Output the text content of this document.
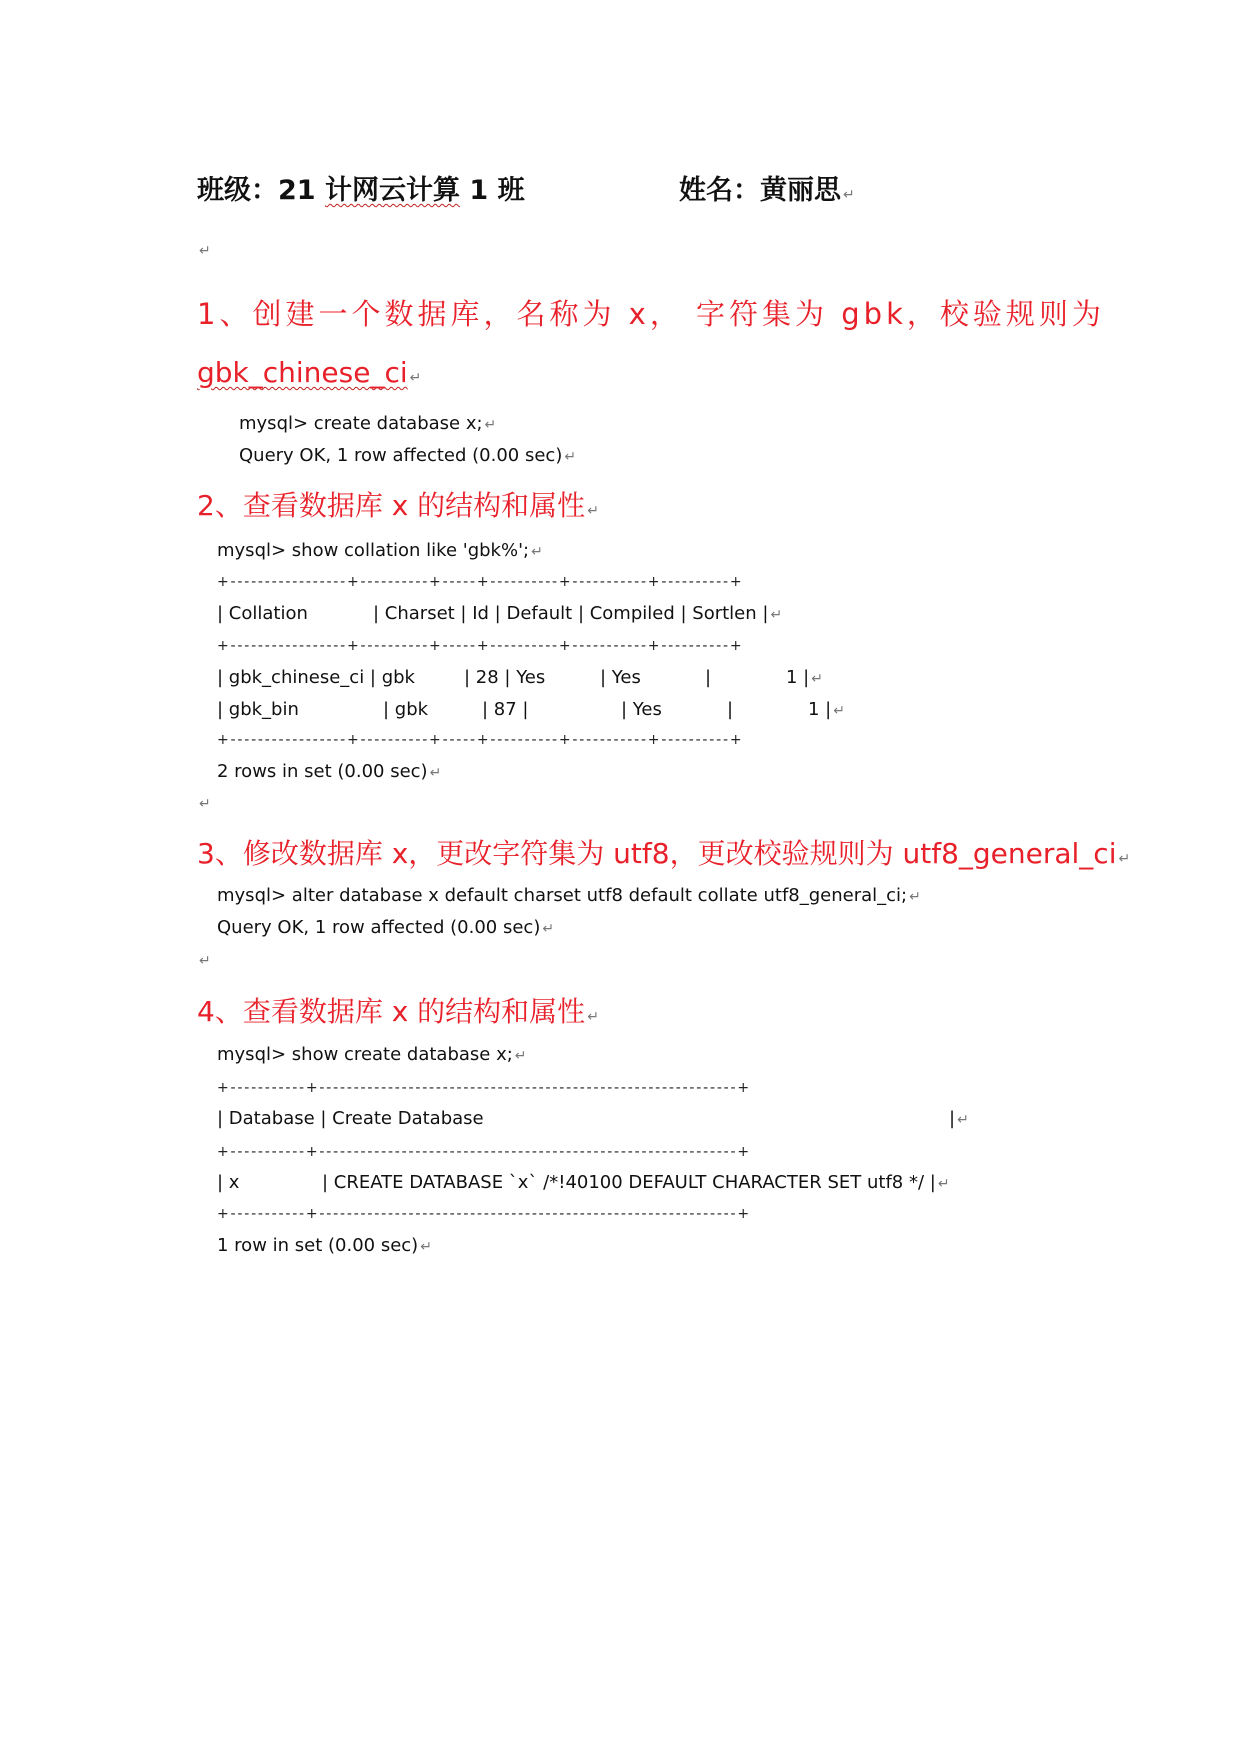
班级：21 计网云计算 1 班	姓名：黄丽思 ↵
↵
1、创建一个数据库，名称为 x， 字符集为 gbk，校验规则为
gbk_chinese_ci ↵
mysql> create database x; ↵
Query OK, 1 row affected (0.00 sec) ↵
2、查看数据库 x 的结构和属性 ↵
mysql> show collation like 'gbk%'; ↵
+-----------------+----------+-----+----------+-----------+----------+
| Collation	| Charset | Id | Default | Compiled | Sortlen | ↵
+-----------------+----------+-----+----------+-----------+----------+
| gbk_chinese_ci | gbk	| 28 | Yes	| Yes	|	1 | ↵
| gbk_bin	| gbk	| 87 |	| Yes	|	1 | ↵
+-----------------+----------+-----+----------+-----------+----------+
2 rows in set (0.00 sec) ↵
↵
3、修改数据库 x，更改字符集为 utf8，更改校验规则为 utf8_general_ci ↵
mysql> alter database x default charset utf8 default collate utf8_general_ci; ↵
Query OK, 1 row affected (0.00 sec) ↵
↵
4、查看数据库 x 的结构和属性 ↵
mysql> show create database x; ↵
+-----------+-------------------------------------------------------------+
| Database | Create Database	| ↵
+-----------+-------------------------------------------------------------+
| x	| CREATE DATABASE `x` /*!40100 DEFAULT CHARACTER SET utf8 */ | ↵
+-----------+-------------------------------------------------------------+
1 row in set (0.00 sec) ↵
